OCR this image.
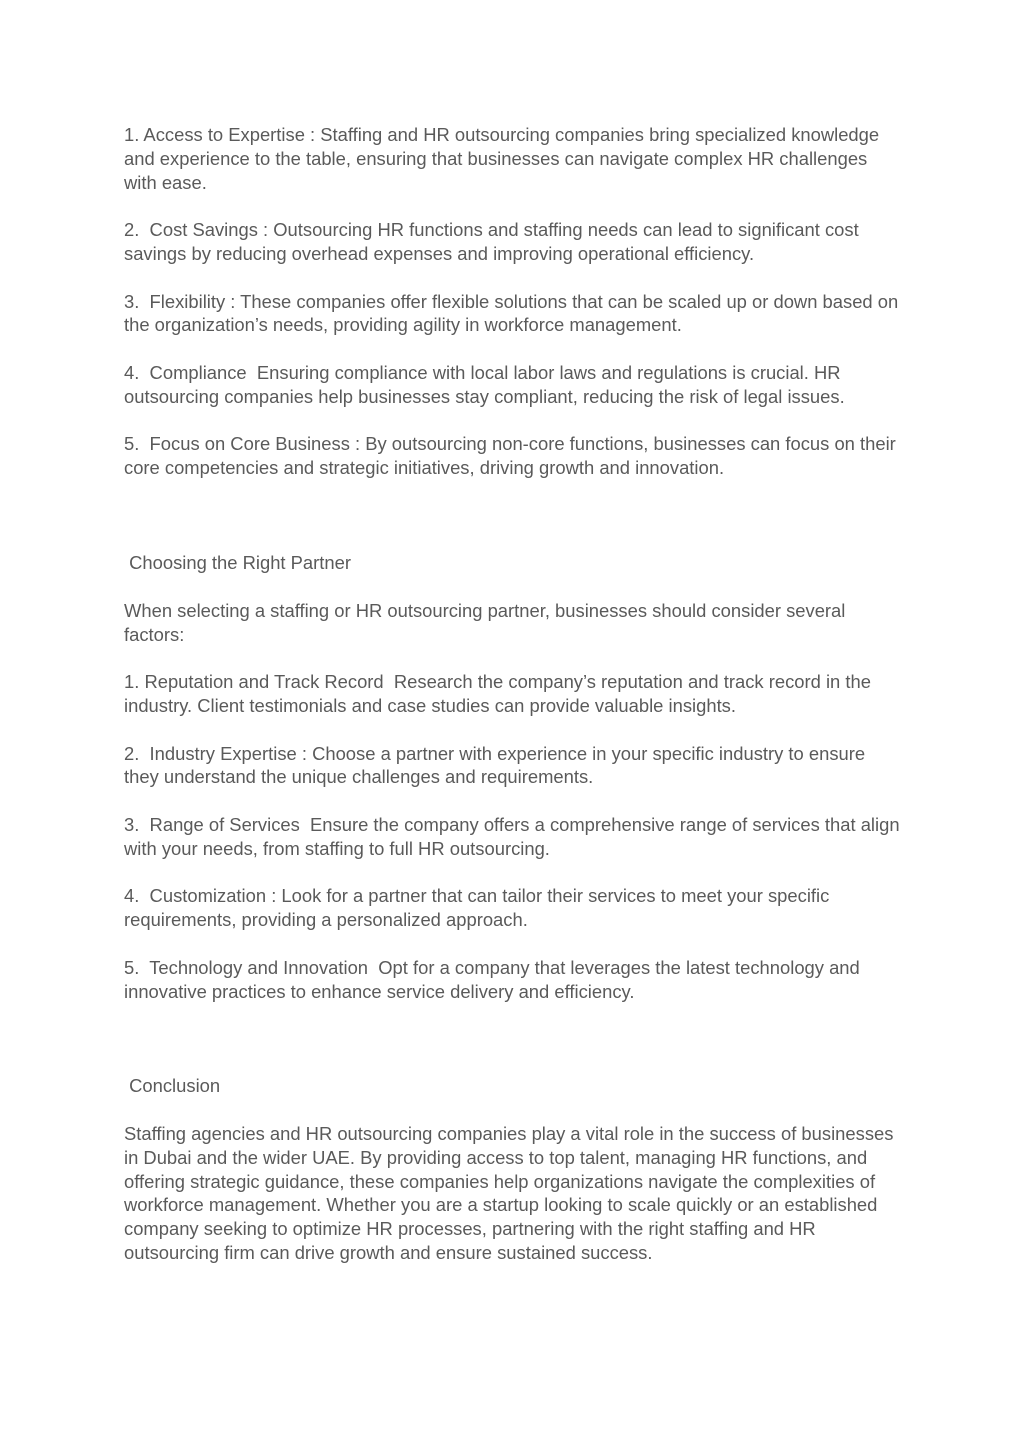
1. Access to Expertise : Staffing and HR outsourcing companies bring specialized knowledge and experience to the table, ensuring that businesses can navigate complex HR challenges with ease.

2.  Cost Savings : Outsourcing HR functions and staffing needs can lead to significant cost savings by reducing overhead expenses and improving operational efficiency.

3.  Flexibility : These companies offer flexible solutions that can be scaled up or down based on the organization’s needs, providing agility in workforce management.

4.  Compliance  Ensuring compliance with local labor laws and regulations is crucial. HR outsourcing companies help businesses stay compliant, reducing the risk of legal issues.

5.  Focus on Core Business : By outsourcing non-core functions, businesses can focus on their core competencies and strategic initiatives, driving growth and innovation.

Choosing the Right Partner

When selecting a staffing or HR outsourcing partner, businesses should consider several factors:

1. Reputation and Track Record  Research the company’s reputation and track record in the industry. Client testimonials and case studies can provide valuable insights.

2.  Industry Expertise : Choose a partner with experience in your specific industry to ensure they understand the unique challenges and requirements.

3.  Range of Services  Ensure the company offers a comprehensive range of services that align with your needs, from staffing to full HR outsourcing.

4.  Customization : Look for a partner that can tailor their services to meet your specific requirements, providing a personalized approach.

5.  Technology and Innovation  Opt for a company that leverages the latest technology and innovative practices to enhance service delivery and efficiency.

Conclusion

Staffing agencies and HR outsourcing companies play a vital role in the success of businesses in Dubai and the wider UAE. By providing access to top talent, managing HR functions, and offering strategic guidance, these companies help organizations navigate the complexities of workforce management. Whether you are a startup looking to scale quickly or an established company seeking to optimize HR processes, partnering with the right staffing and HR outsourcing firm can drive growth and ensure sustained success.
